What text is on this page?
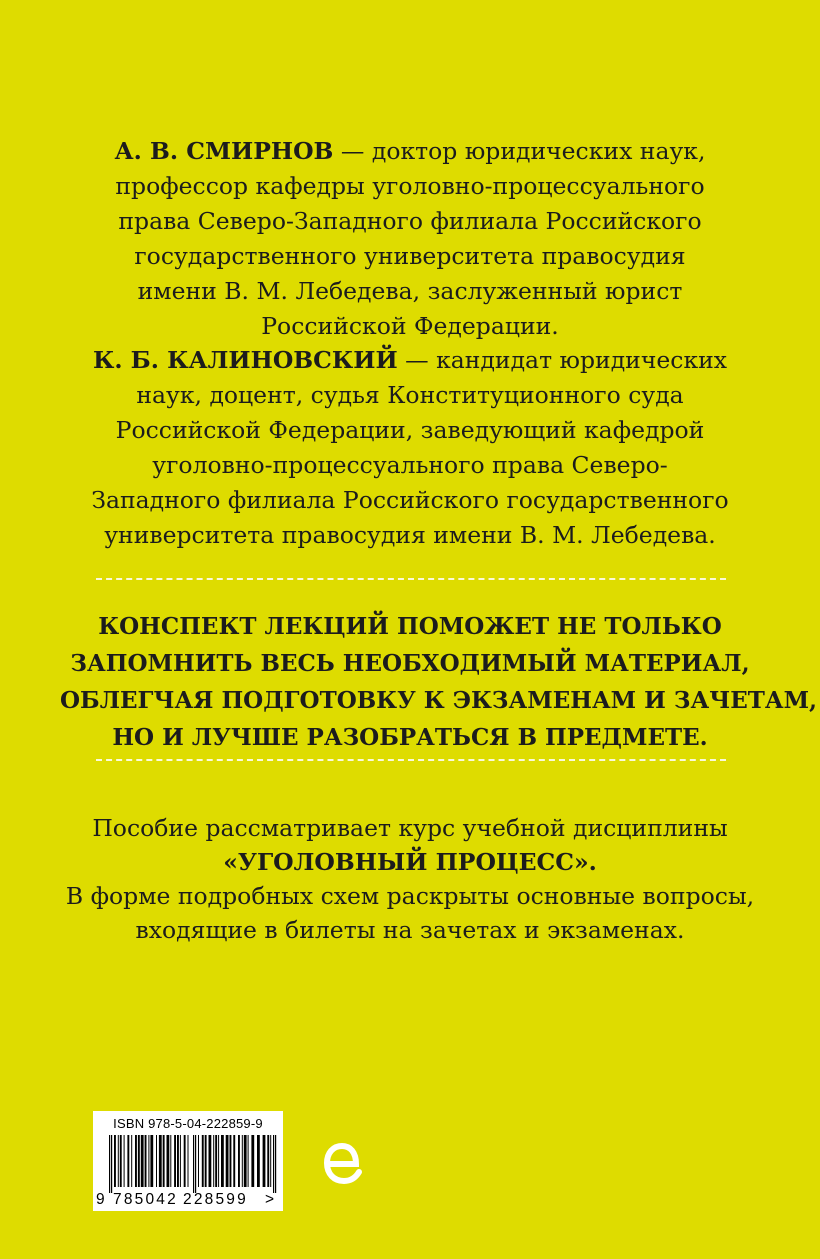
А. В. СМИРНОВ — доктор юридических наук,
профессор кафедры уголовно-процессуального
права Северо-Западного филиала Российского
государственного университета правосудия
имени В. М. Лебедева, заслуженный юрист
Российской Федерации.

К. Б. КАЛИНОВСКИЙ — кандидат юридических
наук, доцент, судья Конституционного суда
Российской Федерации, заведующий кафедрой
уголовно-процессуального права Северо-
Западного филиала Российского государственного
университета правосудия имени В. М. Лебедева.

КОНСПЕКТ ЛЕКЦИЙ ПОМОЖЕТ НЕ ТОЛЬКО
ЗАПОМНИТЬ ВЕСЬ НЕОБХОДИМЫЙ МАТЕРИАЛ,
ОБЛЕГЧАЯ ПОДГОТОВКУ К ЭКЗАМЕНАМ И ЗАЧЕТАМ,
НО И ЛУЧШЕ РАЗОБРАТЬСЯ В ПРЕДМЕТЕ.
Пособие рассматривает курс учебной дисциплины
«УГОЛОВНЫЙ ПРОЦЕСС».
В форме подробных схем раскрыты основные вопросы,
входящие в билеты на зачетах и экзаменах.
ISBN 978-5-04-222859-9
9 785042 228599 >
